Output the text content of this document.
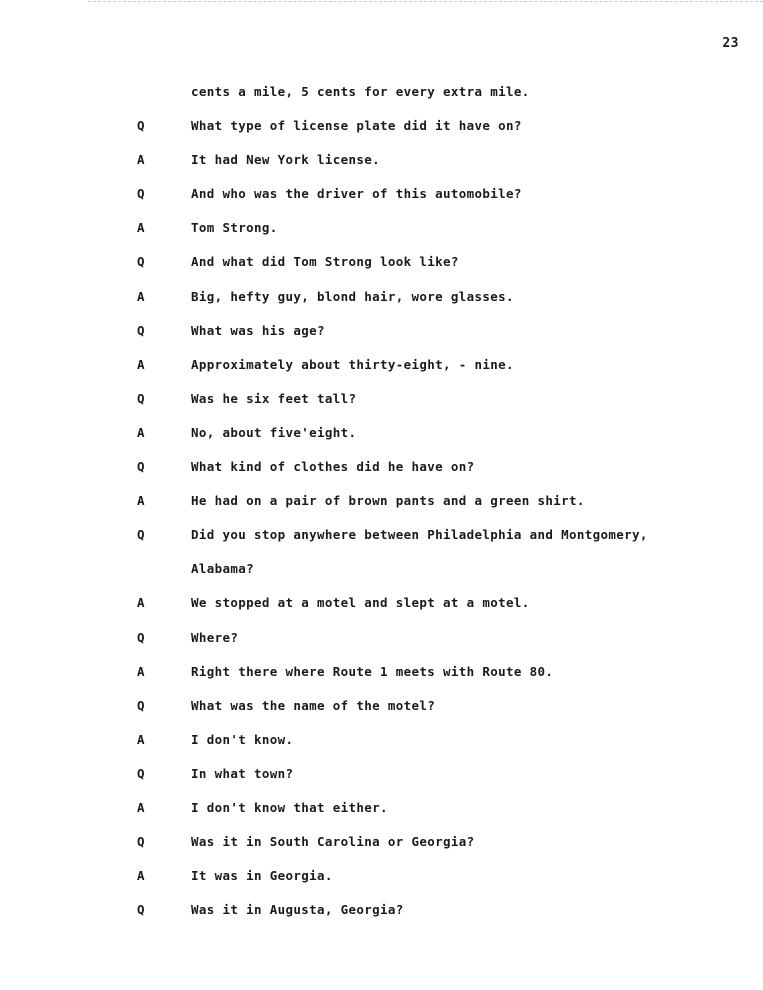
23
cents a mile, 5 cents for every extra mile.
Q	What type of license plate did it have on?
A	It had New York license.
Q	And who was the driver of this automobile?
A	Tom Strong.
Q	And what did Tom Strong look like?
A	Big, hefty guy, blond hair, wore glasses.
Q	What was his age?
A	Approximately about thirty-eight, - nine.
Q	Was he six feet tall?
A	No, about five'eight.
Q	What kind of clothes did he have on?
A	He had on a pair of brown pants and a green shirt.
Q	Did you stop anywhere between Philadelphia and Montgomery,
Alabama?
A	We stopped at a motel and slept at a motel.
Q	Where?
A	Right there where Route 1 meets with Route 80.
Q	What was the name of the motel?
A	I don't know.
Q	In what town?
A	I don't know that either.
Q	Was it in South Carolina or Georgia?
A	It was in Georgia.
Q	Was it in Augusta, Georgia?
